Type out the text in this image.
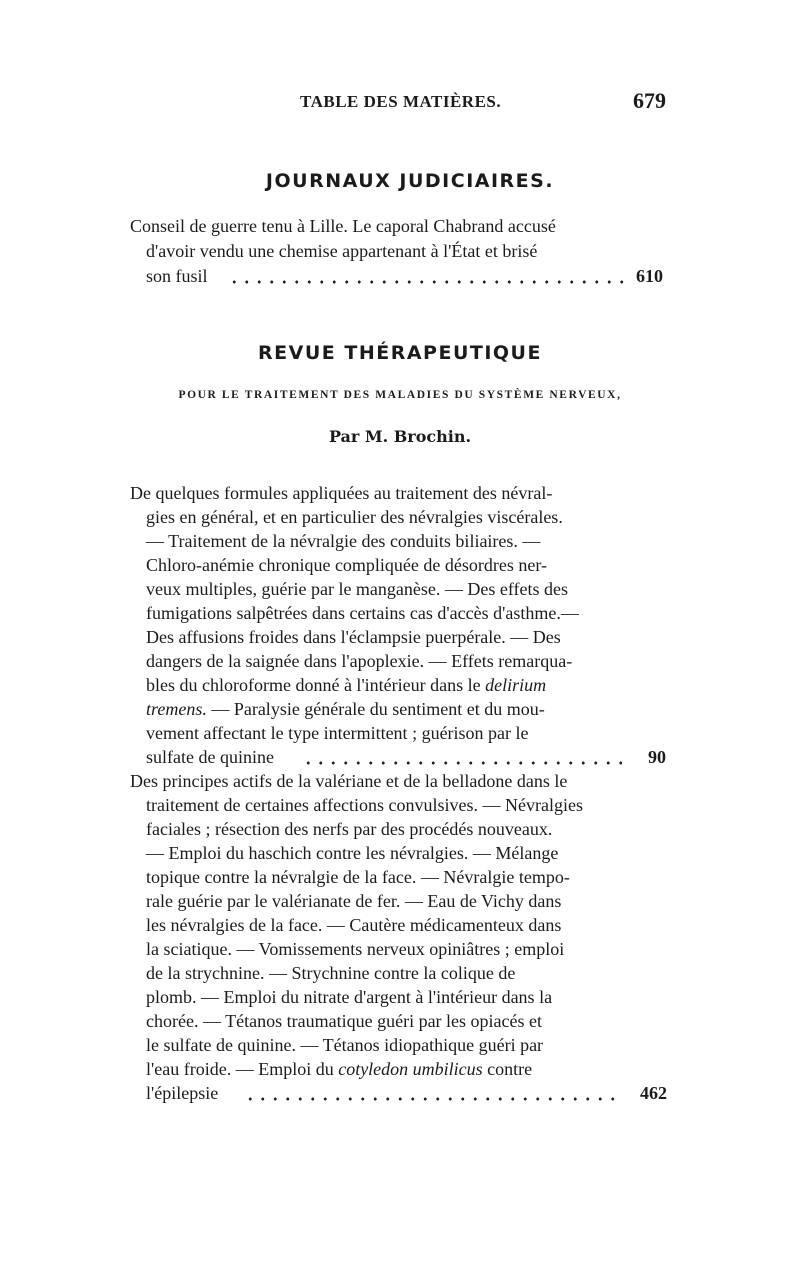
TABLE DES MATIÈRES.	679
JOURNAUX JUDICIAIRES.
Conseil de guerre tenu à Lille. Le caporal Chabrand accusé
d'avoir vendu une chemise appartenant à l'État et brisé
son fusil	610
REVUE THÉRAPEUTIQUE
POUR LE TRAITEMENT DES MALADIES DU SYSTÈME NERVEUX,
Par M. Brochin.
De quelques formules appliquées au traitement des névral-
gies en général, et en particulier des névralgies viscérales.
— Traitement de la névralgie des conduits biliaires. —
Chloro-anémie chronique compliquée de désordres ner-
veux multiples, guérie par le manganèse. — Des effets des
fumigations salpêtrées dans certains cas d'accès d'asthme.—
Des affusions froides dans l'éclampsie puerpérale. — Des
dangers de la saignée dans l'apoplexie. — Effets remarqua-
bles du chloroforme donné à l'intérieur dans le delirium
tremens. — Paralysie générale du sentiment et du mou-
vement affectant le type intermittent ; guérison par le
sulfate de quinine	90
Des principes actifs de la valériane et de la belladone dans le
traitement de certaines affections convulsives. — Névralgies
faciales ; résection des nerfs par des procédés nouveaux.
— Emploi du haschich contre les névralgies. — Mélange
topique contre la névralgie de la face. — Névralgie tempo-
rale guérie par le valérianate de fer. — Eau de Vichy dans
les névralgies de la face. — Cautère médicamenteux dans
la sciatique. — Vomissements nerveux opiniâtres ; emploi
de la strychnine. — Strychnine contre la colique de
plomb. — Emploi du nitrate d'argent à l'intérieur dans la
chorée. — Tétanos traumatique guéri par les opiacés et
le sulfate de quinine. — Tétanos idiopathique guéri par
l'eau froide. — Emploi du cotyledon umbilicus contre
l'épilepsie	462
